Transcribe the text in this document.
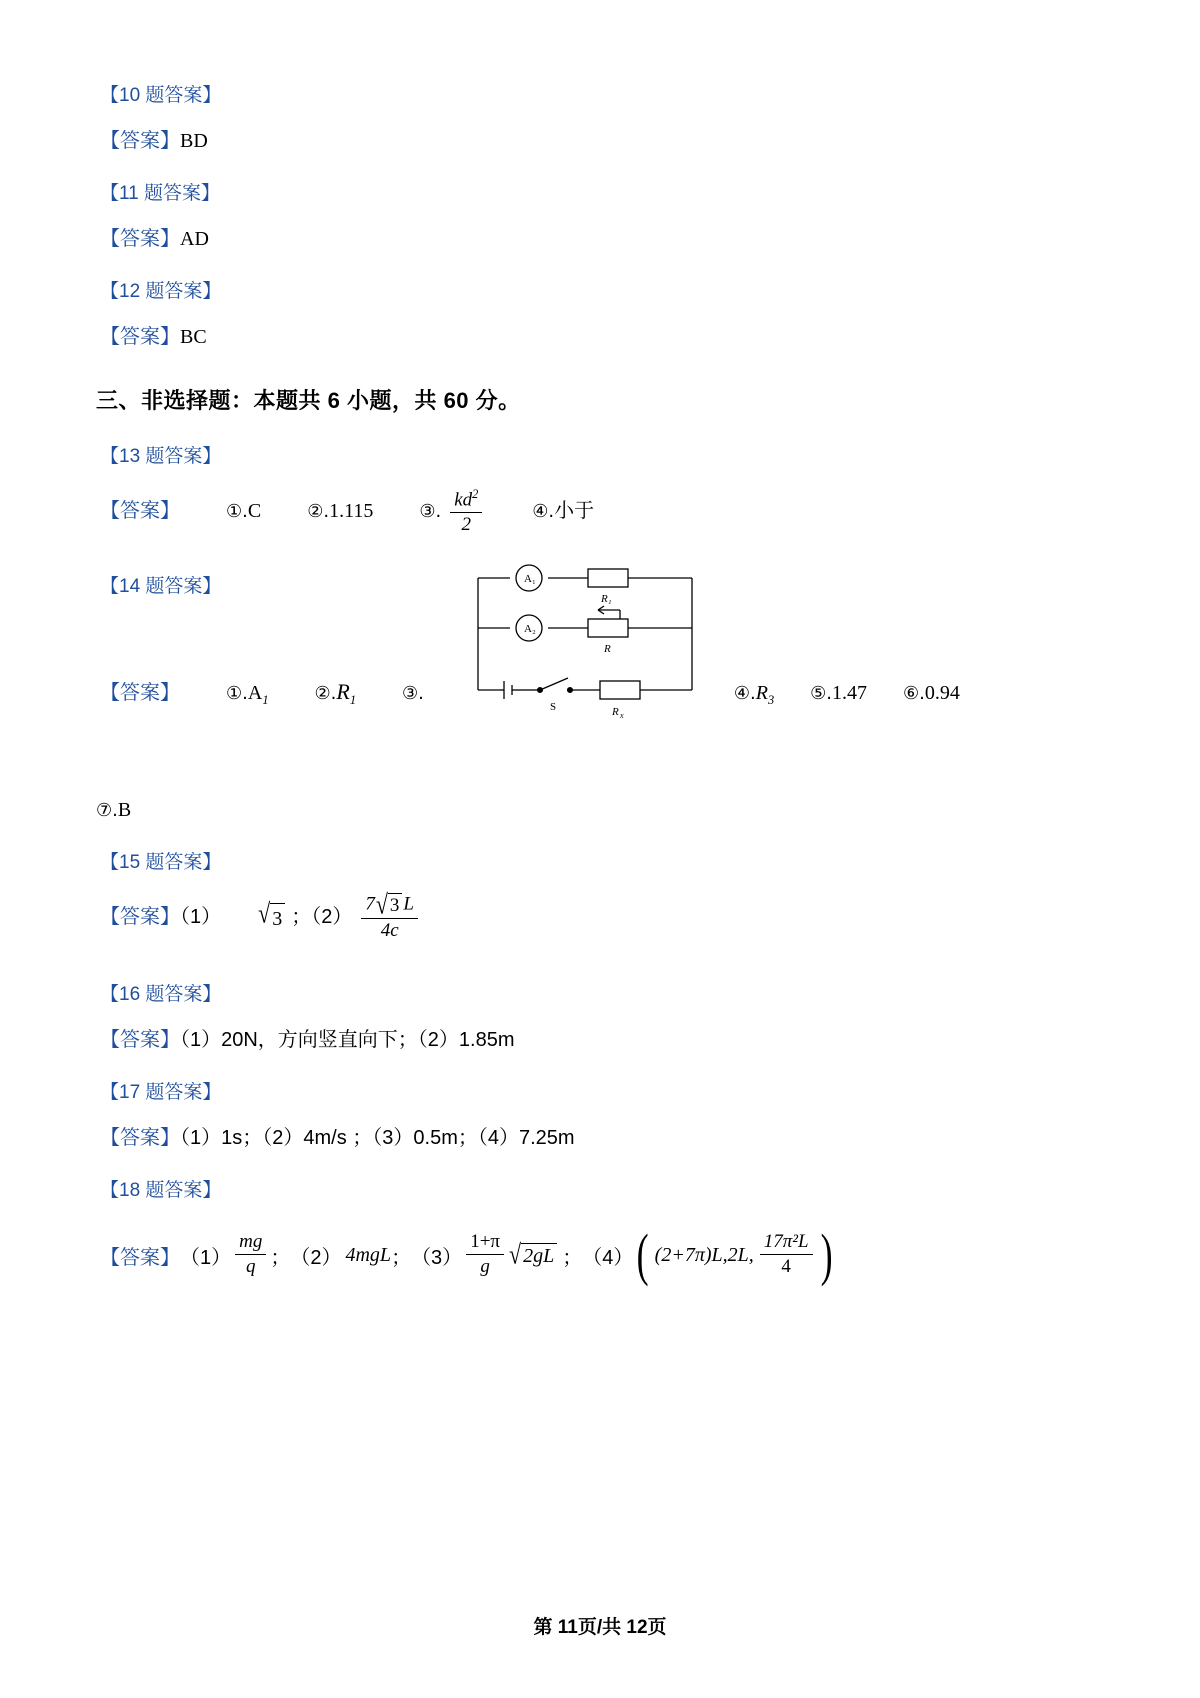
【10 题答案】
【答案】BD
【11 题答案】
【答案】AD
【12 题答案】
【答案】BC
三、非选择题：本题共 6 小题，共 60 分。
【13 题答案】
【答案】	①.C	②.1.115	③. $\frac{kd^2}{2}$	④.小于
【14 题答案】
【答案】	$①.A_1$	$②.R_1$	③.	$④.R_3$ ⑤.1.47 ⑥.0.94
⑦.B
【15 题答案】
【答案】（1） √ 3 ；$(2) \frac{7 √ 3 L}{4c}$
【16 题答案】
【答案】（1）20N，方向竖直向下；（2）1.85m
【17 题答案】
【答案】（1）1s；（2）4m/s ；（3）0.5m；（4）7.25m
【18 题答案】
【答案】 $(1) \frac{mg}{q}$ ； （2） 4mgL ； $(3) \frac{1+\pi}{g}$ √ 2gL ； （4） ( (2+7π)L,2L, $\frac{\text{17π²L}}{4}$ )
A₁
A₂
R₁
R
S	R x
第 11页/共 12页
